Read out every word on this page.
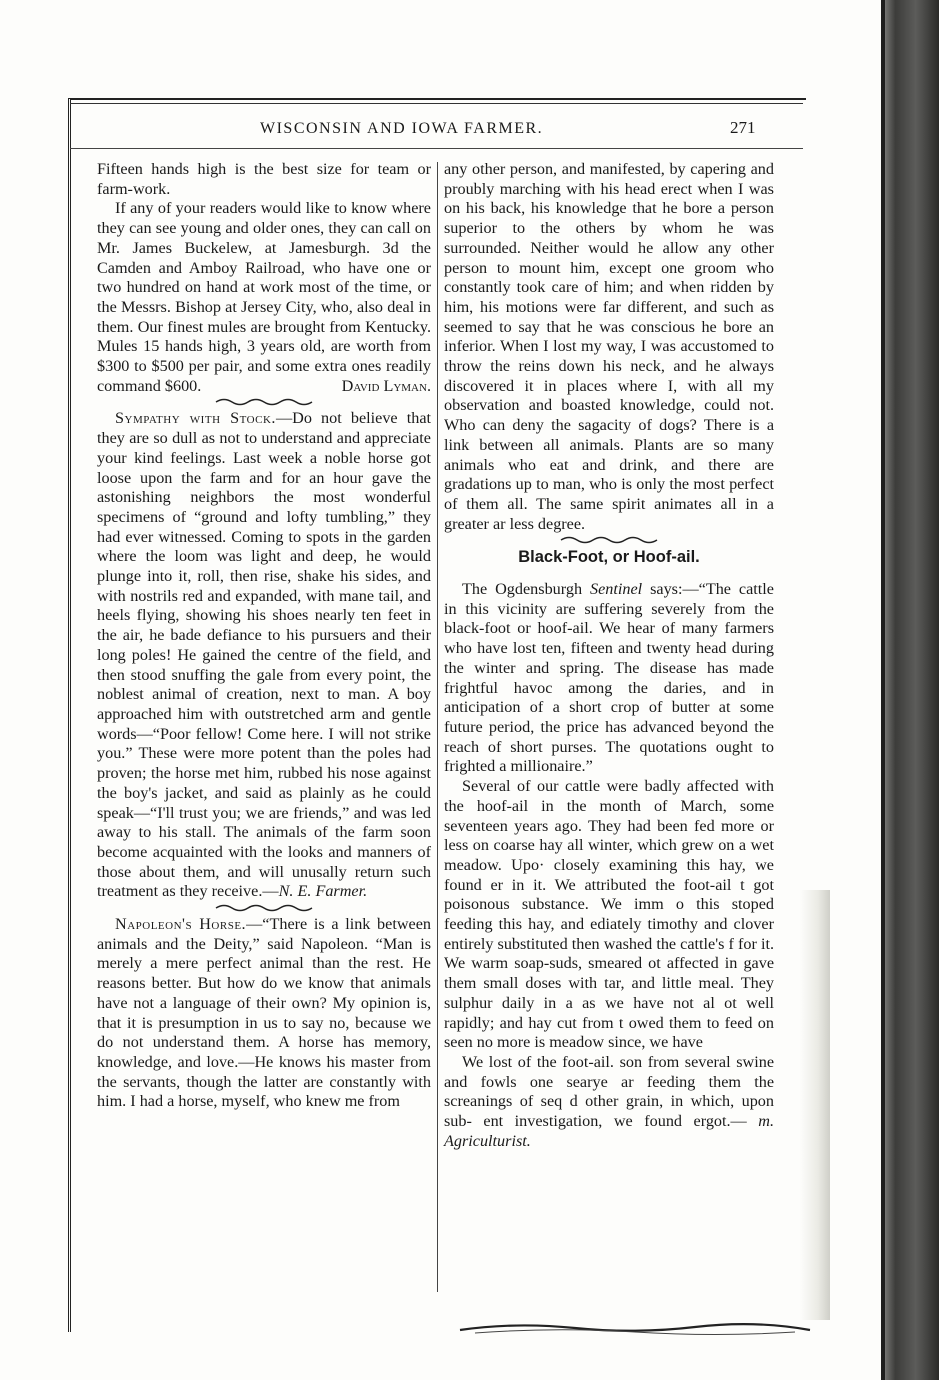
WISCONSIN AND IOWA FARMER.	271

Fifteen hands high is the best size for team or farm-work.

If any of your readers would like to know where they can see young and older ones, they can call on Mr. James Buckelew, at Jamesburgh. 3d the Camden and Amboy Railroad, who have one or two hundred on hand at work most of the time, or the Messrs. Bishop at Jersey City, who, also deal in them. Our finest mules are brought from Kentucky. Mules 15 hands high, 3 years old, are worth from $300 to $500 per pair, and some extra ones readily command $600.	David Lyman.

Sympathy with Stock.—Do not believe that they are so dull as not to understand and appreciate your kind feelings. Last week a noble horse got loose upon the farm and for an hour gave the astonishing neighbors the most wonderful specimens of “ground and lofty tumbling,” they had ever witnessed. Coming to spots in the garden where the loom was light and deep, he would plunge into it, roll, then rise, shake his sides, and with nostrils red and expanded, with mane tail, and heels flying, showing his shoes nearly ten feet in the air, he bade defiance to his pursuers and their long poles! He gained the centre of the field, and then stood snuffing the gale from every point, the noblest animal of creation, next to man. A boy approached him with outstretched arm and gentle words—“Poor fellow! Come here. I will not strike you.” These were more potent than the poles had proven; the horse met him, rubbed his nose against the boy's jacket, and said as plainly as he could speak—“I'll trust you; we are friends,” and was led away to his stall. The animals of the farm soon become acquainted with the looks and manners of those about them, and will unusally return such treatment as they receive.—N. E. Farmer.

Napoleon's Horse.—“There is a link between animals and the Deity,” said Napoleon. “Man is merely a mere perfect animal than the rest. He reasons better. But how do we know that animals have not a language of their own? My opinion is, that it is presumption in us to say no, because we do not understand them. A horse has memory, knowledge, and love.—He knows his master from the servants, though the latter are constantly with him. I had a horse, myself, who knew me from

any other person, and manifested, by capering and proubly marching with his head erect when I was on his back, his knowledge that he bore a person superior to the others by whom he was surrounded. Neither would he allow any other person to mount him, except one groom who constantly took care of him; and when ridden by him, his motions were far different, and such as seemed to say that he was conscious he bore an inferior. When I lost my way, I was accustomed to throw the reins down his neck, and he always discovered it in places where I, with all my observation and boasted knowledge, could not. Who can deny the sagacity of dogs? There is a link between all animals. Plants are so many animals who eat and drink, and there are gradations up to man, who is only the most perfect of them all. The same spirit animates all in a greater ar less degree.

Black-Foot, or Hoof-ail.

The Ogdensburgh Sentinel says:—“The cattle in this vicinity are suffering severely from the black-foot or hoof-ail. We hear of many farmers who have lost ten, fifteen and twenty head during the winter and spring. The disease has made frightful havoc among the daries, and in anticipation of a short crop of butter at some future period, the price has advanced beyond the reach of short purses. The quotations ought to frighted a millionaire.”

Several of our cattle were badly affected with the hoof-ail in the month of March, some seventeen years ago. They had been fed more or less on coarse hay all winter, which grew on a wet meadow. Upo· closely examining this hay, we found er in it. We attributed the foot-ail t got poisonous substance. We imm o this stoped feeding this hay, and ediately timothy and clover entirely substituted then washed the cattle's f for it. We warm soap-suds, smeared ot affected in gave them small doses with tar, and little meal. They sulphur daily in a as we have not al ot well rapidly; and hay cut from t owed them to feed on seen no more is meadow since, we have

We lost of the foot-ail. son from several swine and fowls one searye ar feeding them the screanings of seq d other grain, in which, upon sub- ent investigation, we found ergot.— m. Agriculturist.
